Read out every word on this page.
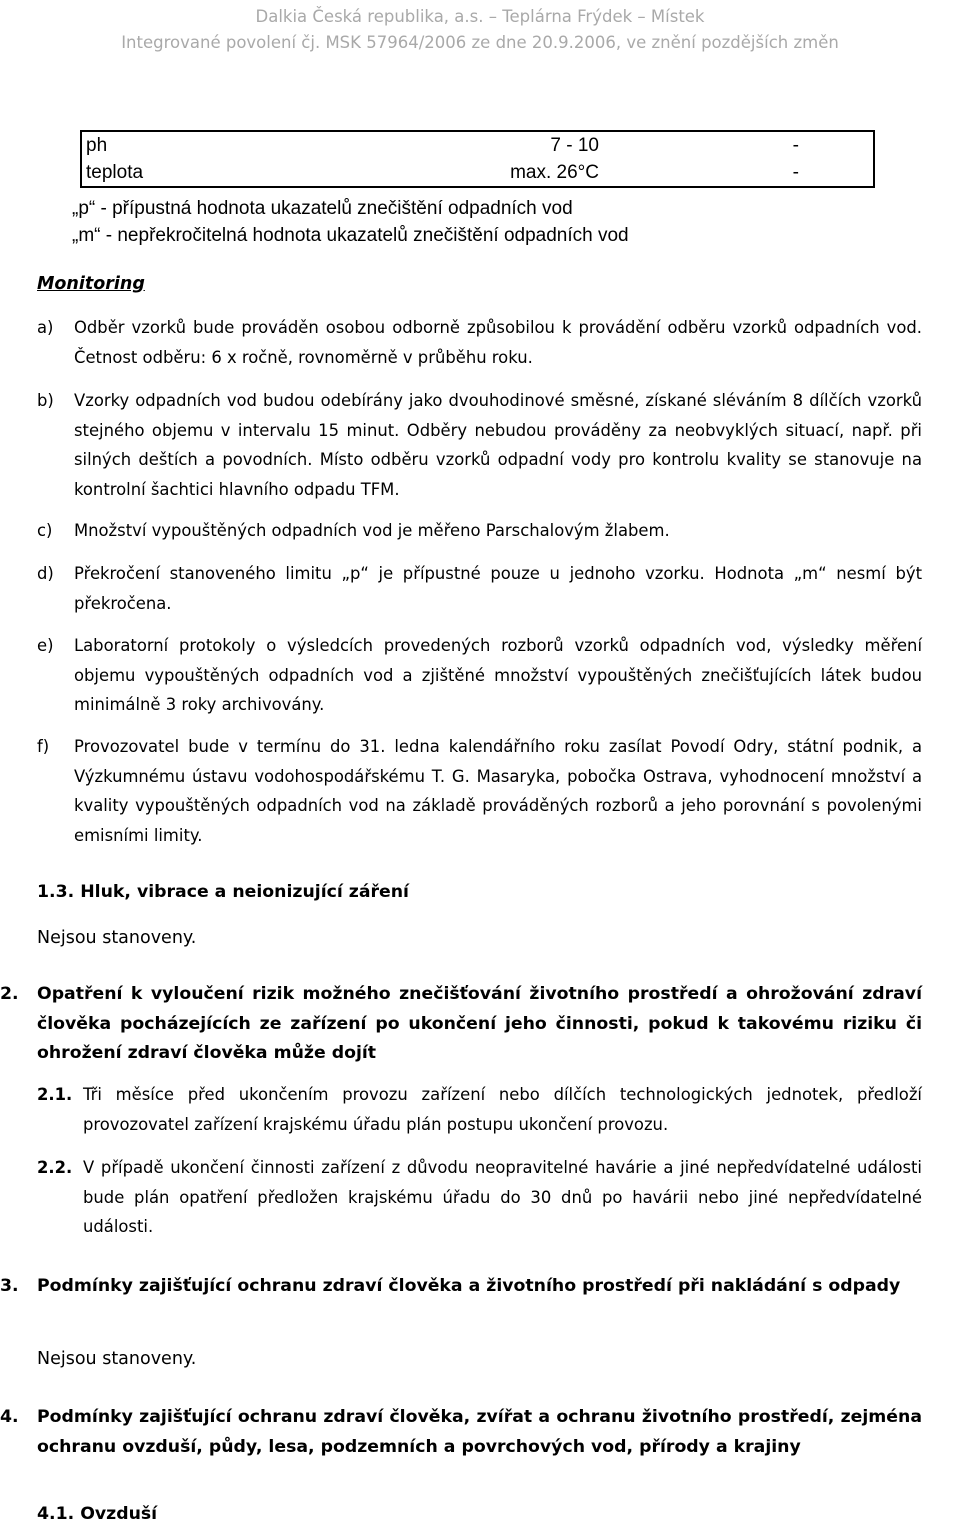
Dalkia Česká republika, a.s. – Teplárna Frýdek – Místek
Integrované povolení čj. MSK 57964/2006 ze dne 20.9.2006, ve znění pozdějších změn
ph	7 - 10	-
teplota	max. 26°C	-
„p“ - přípustná hodnota ukazatelů znečištění odpadních vod
„m“ - nepřekročitelná hodnota ukazatelů znečištění odpadních vod
Monitoring
a) Odběr vzorků bude prováděn osobou odborně způsobilou k provádění odběru vzorků odpadních vod. Četnost odběru: 6 x ročně, rovnoměrně v průběhu roku.
b) Vzorky odpadních vod budou odebírány jako dvouhodinové směsné, získané sléváním 8 dílčích vzorků stejného objemu v intervalu 15 minut. Odběry nebudou prováděny za neobvyklých situací, např. při silných deštích a povodních. Místo odběru vzorků odpadní vody pro kontrolu kvality se stanovuje na kontrolní šachtici hlavního odpadu TFM.
c) Množství vypouštěných odpadních vod je měřeno Parschalovým žlabem.
d) Překročení stanoveného limitu „p“ je přípustné pouze u jednoho vzorku. Hodnota „m“ nesmí být překročena.
e) Laboratorní protokoly o výsledcích provedených rozborů vzorků odpadních vod, výsledky měření objemu vypouštěných odpadních vod a zjištěné množství vypouštěných znečišťujících látek budou minimálně 3 roky archivovány.
f) Provozovatel bude v termínu do 31. ledna kalendářního roku zasílat Povodí Odry, státní podnik, a Výzkumnému ústavu vodohospodářskému T. G. Masaryka, pobočka Ostrava, vyhodnocení množství a kvality vypouštěných odpadních vod na základě prováděných rozborů a jeho porovnání s povolenými emisními limity.
1.3. Hluk, vibrace a neionizující záření
Nejsou stanoveny.
2. Opatření k vyloučení rizik možného znečišťování životního prostředí a ohrožování zdraví člověka pocházejících ze zařízení po ukončení jeho činnosti, pokud k takovému riziku či ohrožení zdraví člověka může dojít
2.1. Tři měsíce před ukončením provozu zařízení nebo dílčích technologických jednotek, předloží provozovatel zařízení krajskému úřadu plán postupu ukončení provozu.
2.2. V případě ukončení činnosti zařízení z důvodu neopravitelné havárie a jiné nepředvídatelné události bude plán opatření předložen krajskému úřadu do 30 dnů po havárii nebo jiné nepředvídatelné události.
3. Podmínky zajišťující ochranu zdraví člověka a životního prostředí při nakládání s odpady
Nejsou stanoveny.
4. Podmínky zajišťující ochranu zdraví člověka, zvířat a ochranu životního prostředí, zejména ochranu ovzduší, půdy, lesa, podzemních a povrchových vod, přírody a krajiny
4.1. Ovzduší
